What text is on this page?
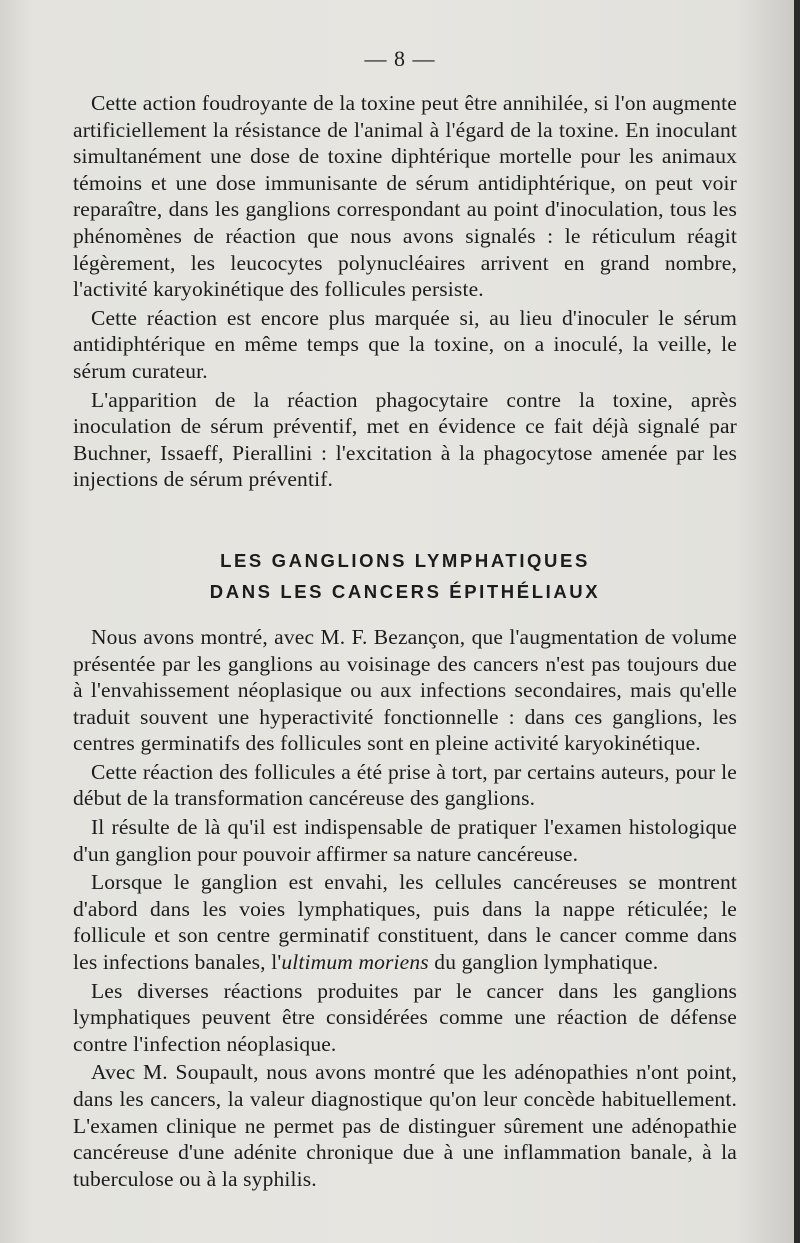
— 8 —

Cette action foudroyante de la toxine peut être annihilée, si l'on augmente artificiellement la résistance de l'animal à l'égard de la toxine. En inoculant simultanément une dose de toxine diphtérique mortelle pour les animaux témoins et une dose immunisante de sérum antidiphtérique, on peut voir reparaître, dans les ganglions correspondant au point d'inoculation, tous les phénomènes de réaction que nous avons signalés : le réticulum réagit légèrement, les leucocytes polynucléaires arrivent en grand nombre, l'activité karyokinétique des follicules persiste.

Cette réaction est encore plus marquée si, au lieu d'inoculer le sérum antidiphtérique en même temps que la toxine, on a inoculé, la veille, le sérum curateur.

L'apparition de la réaction phagocytaire contre la toxine, après inoculation de sérum préventif, met en évidence ce fait déjà signalé par Buchner, Issaeff, Pierallini : l'excitation à la phagocytose amenée par les injections de sérum préventif.

LES GANGLIONS LYMPHATIQUES
DANS LES CANCERS ÉPITHÉLIAUX

Nous avons montré, avec M. F. Bezançon, que l'augmentation de volume présentée par les ganglions au voisinage des cancers n'est pas toujours due à l'envahissement néoplasique ou aux infections secondaires, mais qu'elle traduit souvent une hyperactivité fonctionnelle : dans ces ganglions, les centres germinatifs des follicules sont en pleine activité karyokinétique.

Cette réaction des follicules a été prise à tort, par certains auteurs, pour le début de la transformation cancéreuse des ganglions.

Il résulte de là qu'il est indispensable de pratiquer l'examen histologique d'un ganglion pour pouvoir affirmer sa nature cancéreuse.

Lorsque le ganglion est envahi, les cellules cancéreuses se montrent d'abord dans les voies lymphatiques, puis dans la nappe réticulée; le follicule et son centre germinatif constituent, dans le cancer comme dans les infections banales, l'ultimum moriens du ganglion lymphatique.

Les diverses réactions produites par le cancer dans les ganglions lymphatiques peuvent être considérées comme une réaction de défense contre l'infection néoplasique.

Avec M. Soupault, nous avons montré que les adénopathies n'ont point, dans les cancers, la valeur diagnostique qu'on leur concède habituellement. L'examen clinique ne permet pas de distinguer sûrement une adénopathie cancéreuse d'une adénite chronique due à une inflammation banale, à la tuberculose ou à la syphilis.
